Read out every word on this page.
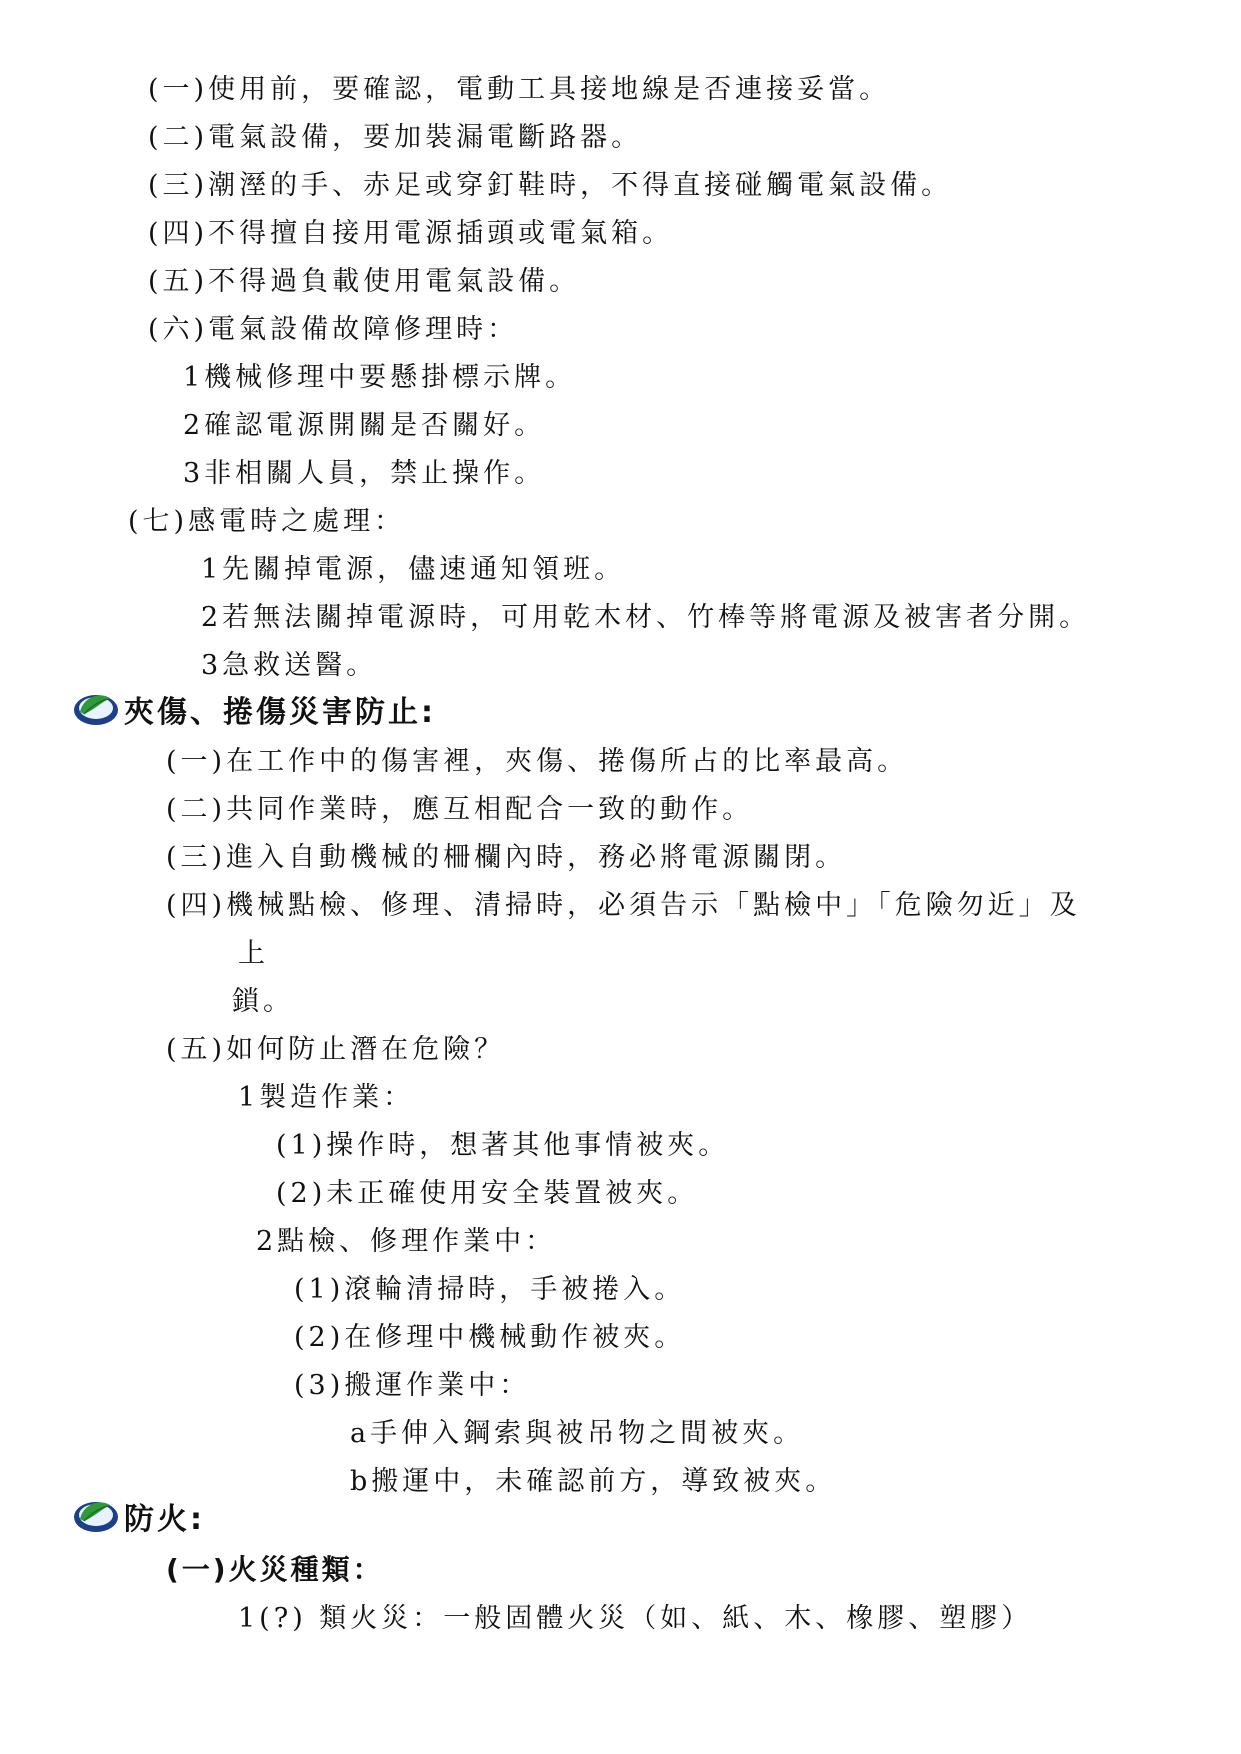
(一)使用前，要確認，電動工具接地線是否連接妥當。
(二)電氣設備，要加裝漏電斷路器。
(三)潮溼的手、赤足或穿釘鞋時，不得直接碰觸電氣設備。
(四)不得擅自接用電源插頭或電氣箱。
(五)不得過負載使用電氣設備。
(六)電氣設備故障修理時：
1機械修理中要懸掛標示牌。
2確認電源開關是否關好。
3非相關人員，禁止操作。
(七)感電時之處理：
1先關掉電源，儘速通知領班。
2若無法關掉電源時，可用乾木材、竹棒等將電源及被害者分開。
3急救送醫。
夾傷、捲傷災害防止:
(一)在工作中的傷害裡，夾傷、捲傷所占的比率最高。
(二)共同作業時，應互相配合一致的動作。
(三)進入自動機械的柵欄內時，務必將電源關閉。
(四)機械點檢、修理、清掃時，必須告示「點檢中」「危險勿近」及
上
鎖。
(五)如何防止潛在危險？
1製造作業：
(1)操作時，想著其他事情被夾。
(2)未正確使用安全裝置被夾。
2點檢、修理作業中：
(1)滾輪清掃時，手被捲入。
(2)在修理中機械動作被夾。
(3)搬運作業中：
a手伸入鋼索與被吊物之間被夾。
b搬運中，未確認前方，導致被夾。
防火:
(一)火災種類：
1(?) 類火災：一般固體火災（如、紙、木、橡膠、塑膠）
